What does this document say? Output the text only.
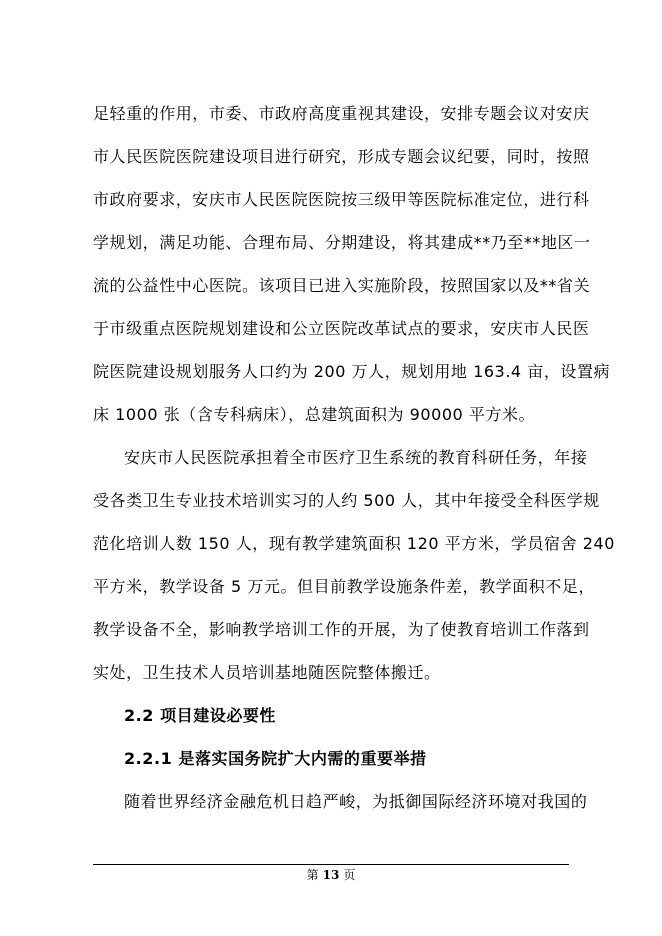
足轻重的作用，市委、市政府高度重视其建设，安排专题会议对安庆
市人民医院医院建设项目进行研究，形成专题会议纪要，同时，按照
市政府要求，安庆市人民医院医院按三级甲等医院标准定位，进行科
学规划，满足功能、合理布局、分期建设，将其建成**乃至**地区一
流的公益性中心医院。该项目已进入实施阶段，按照国家以及**省关
于市级重点医院规划建设和公立医院改革试点的要求，安庆市人民医
院医院建设规划服务人口约为 200 万人，规划用地 163.4 亩，设置病
床 1000 张（含专科病床），总建筑面积为 90000 平方米。
安庆市人民医院承担着全市医疗卫生系统的教育科研任务，年接
受各类卫生专业技术培训实习的人约 500 人，其中年接受全科医学规
范化培训人数 150 人，现有教学建筑面积 120 平方米，学员宿舍 240
平方米，教学设备 5 万元。但目前教学设施条件差，教学面积不足，
教学设备不全，影响教学培训工作的开展，为了使教育培训工作落到
实处，卫生技术人员培训基地随医院整体搬迁。
2.2 项目建设必要性
2.2.1 是落实国务院扩大内需的重要举措
随着世界经济金融危机日趋严峻，为抵御国际经济环境对我国的
第 13 页
